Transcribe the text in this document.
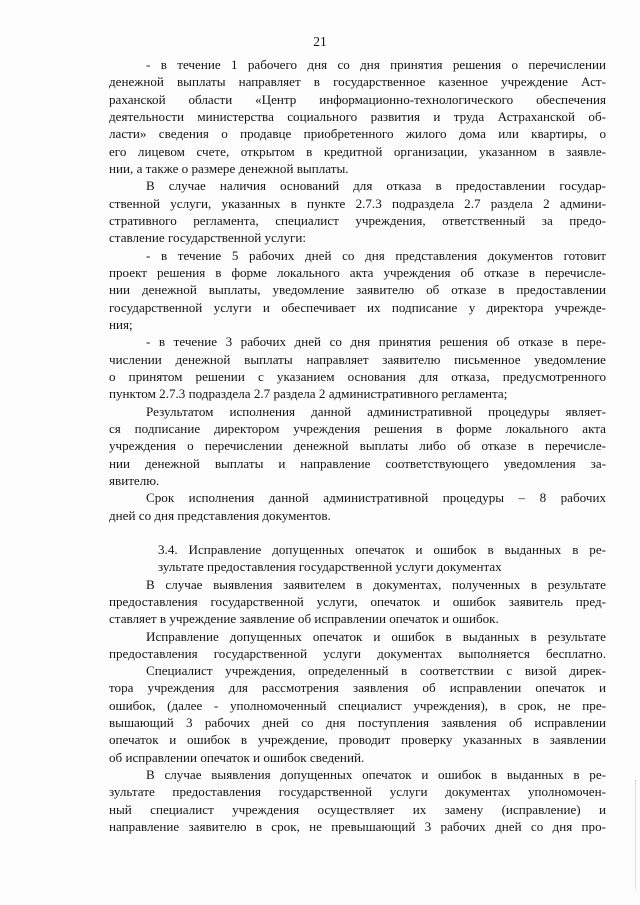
21
- в течение 1 рабочего дня со дня принятия решения о перечислении
денежной выплаты направляет в государственное казенное учреждение Аст-
раханской области «Центр информационно-технологического обеспечения
деятельности министерства социального развития и труда Астраханской об-
ласти» сведения о продавце приобретенного жилого дома или квартиры, о
его лицевом счете, открытом в кредитной организации, указанном в заявле-
нии, а также о размере денежной выплаты.
В случае наличия оснований для отказа в предоставлении государ-
ственной услуги, указанных в пункте 2.7.3 подраздела 2.7 раздела 2 админи-
стративного регламента, специалист учреждения, ответственный за предо-
ставление государственной услуги:
- в течение 5 рабочих дней со дня представления документов готовит
проект решения в форме локального акта учреждения об отказе в перечисле-
нии денежной выплаты, уведомление заявителю об отказе в предоставлении
государственной услуги и обеспечивает их подписание у директора учрежде-
ния;
- в течение 3 рабочих дней со дня принятия решения об отказе в пере-
числении денежной выплаты направляет заявителю письменное уведомление
о принятом решении с указанием основания для отказа, предусмотренного
пунктом 2.7.3 подраздела 2.7 раздела 2 административного регламента;
Результатом исполнения данной административной процедуры являет-
ся подписание директором учреждения решения в форме локального акта
учреждения о перечислении денежной выплаты либо об отказе в перечисле-
нии денежной выплаты и направление соответствующего уведомления за-
явителю.
Срок исполнения данной административной процедуры – 8 рабочих
дней со дня представления документов.
3.4. Исправление допущенных опечаток и ошибок в выданных в ре-
зультате предоставления государственной услуги документах
В случае выявления заявителем в документах, полученных в результате
предоставления государственной услуги, опечаток и ошибок заявитель пред-
ставляет в учреждение заявление об исправлении опечаток и ошибок.
Исправление допущенных опечаток и ошибок в выданных в результате
предоставления государственной услуги документах выполняется бесплатно.
Специалист учреждения, определенный в соответствии с визой дирек-
тора учреждения для рассмотрения заявления об исправлении опечаток и
ошибок, (далее - уполномоченный специалист учреждения), в срок, не пре-
вышающий 3 рабочих дней со дня поступления заявления об исправлении
опечаток и ошибок в учреждение, проводит проверку указанных в заявлении
об исправлении опечаток и ошибок сведений.
В случае выявления допущенных опечаток и ошибок в выданных в ре-
зультате предоставления государственной услуги документах уполномочен-
ный специалист учреждения осуществляет их замену (исправление) и
направление заявителю в срок, не превышающий 3 рабочих дней со дня про-
